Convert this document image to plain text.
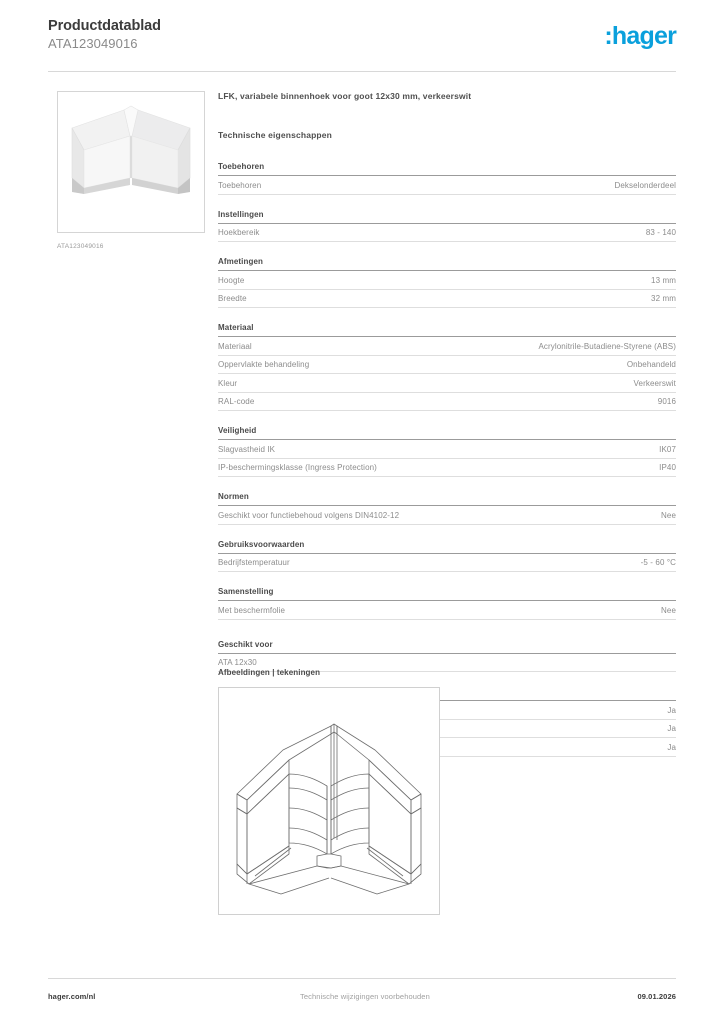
Productdatablad
ATA123049016	:hager
ATA123049016
LFK, variabele binnenhoek voor goot 12x30 mm, verkeerswit
Technische eigenschappen
Toebehoren
Toebehoren	Dekselonderdeel
Instellingen
Hoekbereik	83 - 140
Afmetingen
Hoogte	13 mm
Breedte	32 mm
Materiaal
Materiaal	Acrylonitrile-Butadiene-Styrene (ABS)
Oppervlakte behandeling	Onbehandeld
Kleur	Verkeerswit
RAL-code	9016
Veiligheid
Slagvastheid IK	IK07
IP-beschermingsklasse (Ingress Protection)	IP40
Normen
Geschikt voor functiebehoud volgens DIN4102-12	Nee
Gebruiksvoorwaarden
Bedrijfstemperatuur	-5 - 60 °C
Samenstelling
Met beschermfolie	Nee
Geschikt voor
ATA 12x30
Ja
Ja
Ja
Afbeeldingen | tekeningen
hager.com/nl	Technische wijzigingen voorbehouden	09.01.2026
